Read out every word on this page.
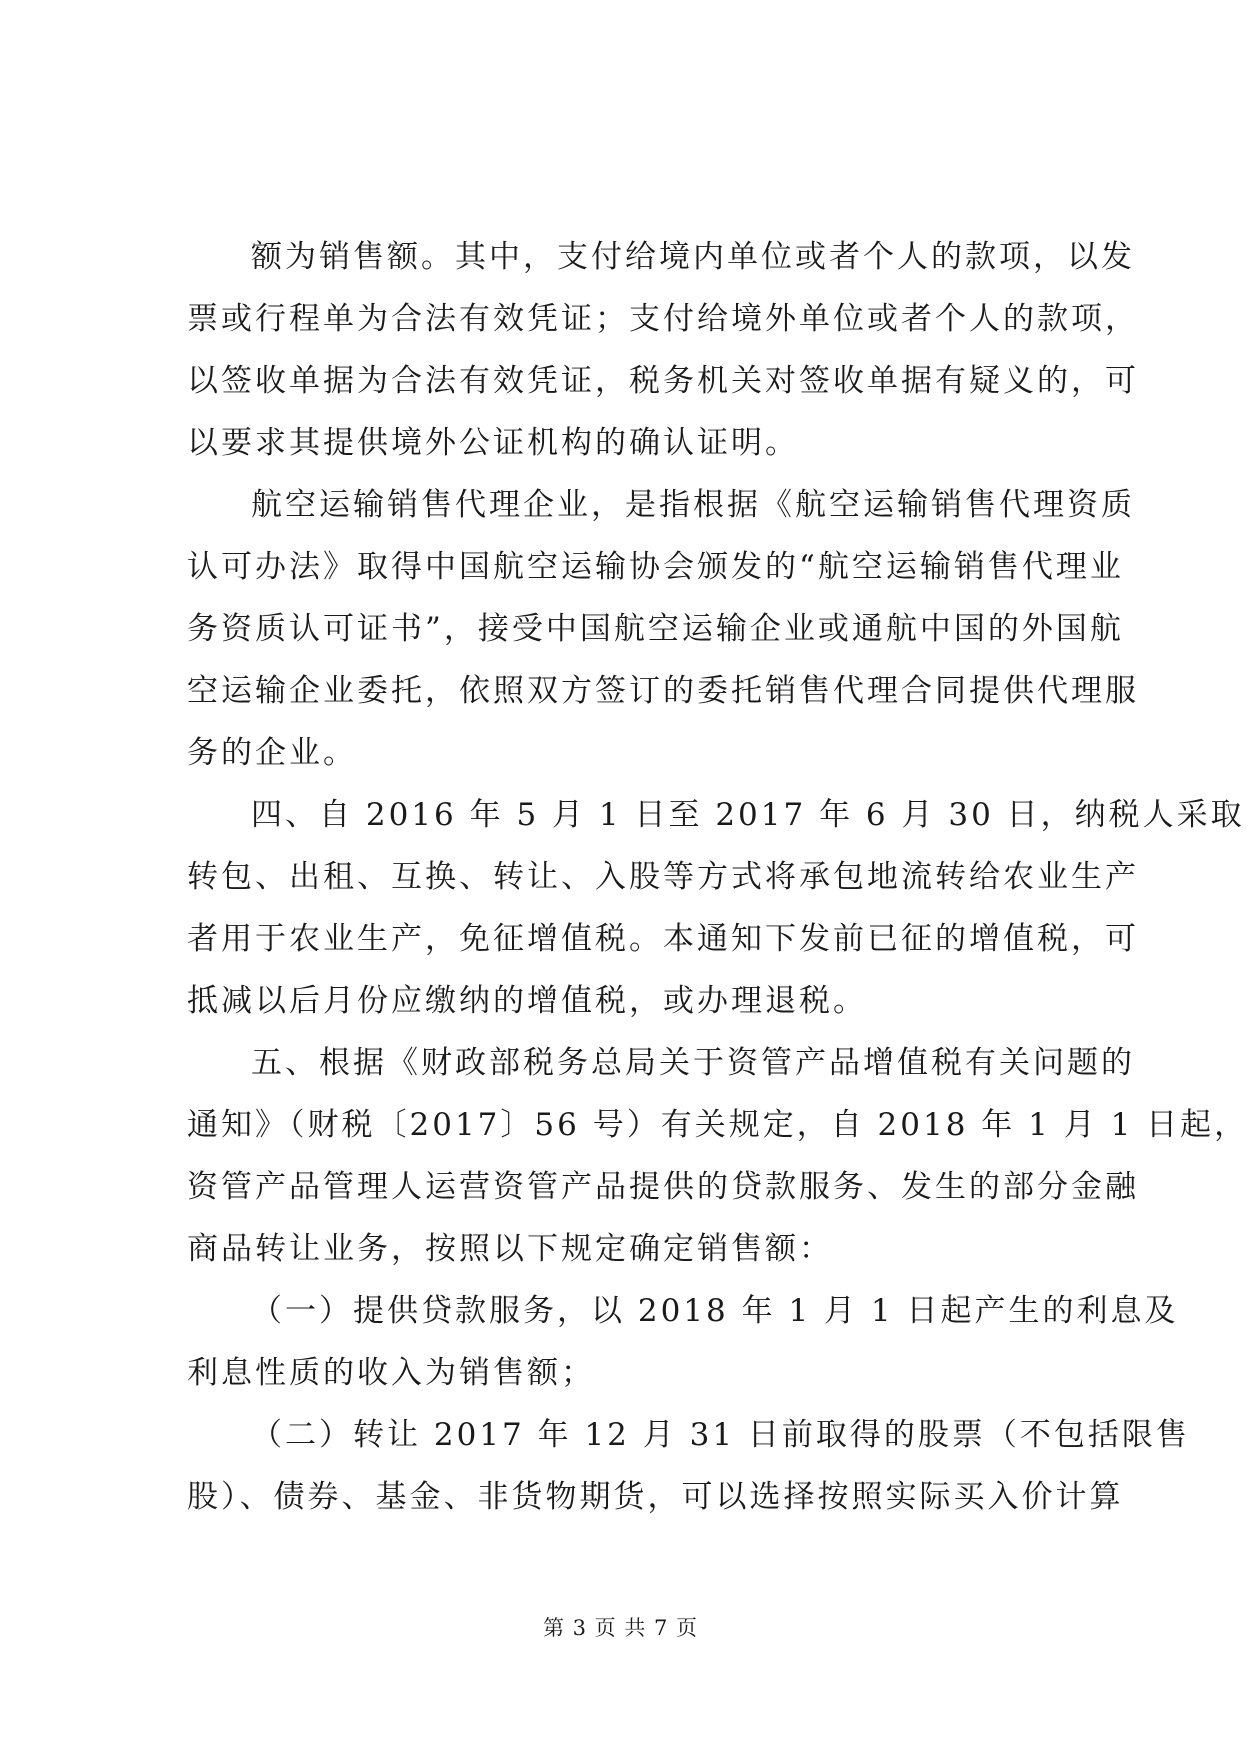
额为销售额。其中，支付给境内单位或者个人的款项，以发
票或行程单为合法有效凭证；支付给境外单位或者个人的款项，
以签收单据为合法有效凭证，税务机关对签收单据有疑义的，可
以要求其提供境外公证机构的确认证明。
航空运输销售代理企业，是指根据《航空运输销售代理资质
认可办法》取得中国航空运输协会颁发的“航空运输销售代理业
务资质认可证书”，接受中国航空运输企业或通航中国的外国航
空运输企业委托，依照双方签订的委托销售代理合同提供代理服
务的企业。
四、自 2016 年 5 月 1 日至 2017 年 6 月 30 日，纳税人采取
转包、出租、互换、转让、入股等方式将承包地流转给农业生产
者用于农业生产，免征增值税。本通知下发前已征的增值税，可
抵减以后月份应缴纳的增值税，或办理退税。
五、根据《财政部税务总局关于资管产品增值税有关问题的
通知》（财税〔2017〕56 号）有关规定，自 2018 年 1 月 1 日起，
资管产品管理人运营资管产品提供的贷款服务、发生的部分金融
商品转让业务，按照以下规定确定销售额：
（一）提供贷款服务，以 2018 年 1 月 1 日起产生的利息及
利息性质的收入为销售额；
（二）转让 2017 年 12 月 31 日前取得的股票（不包括限售
股）、债券、基金、非货物期货，可以选择按照实际买入价计算
第 3 页 共 7 页
